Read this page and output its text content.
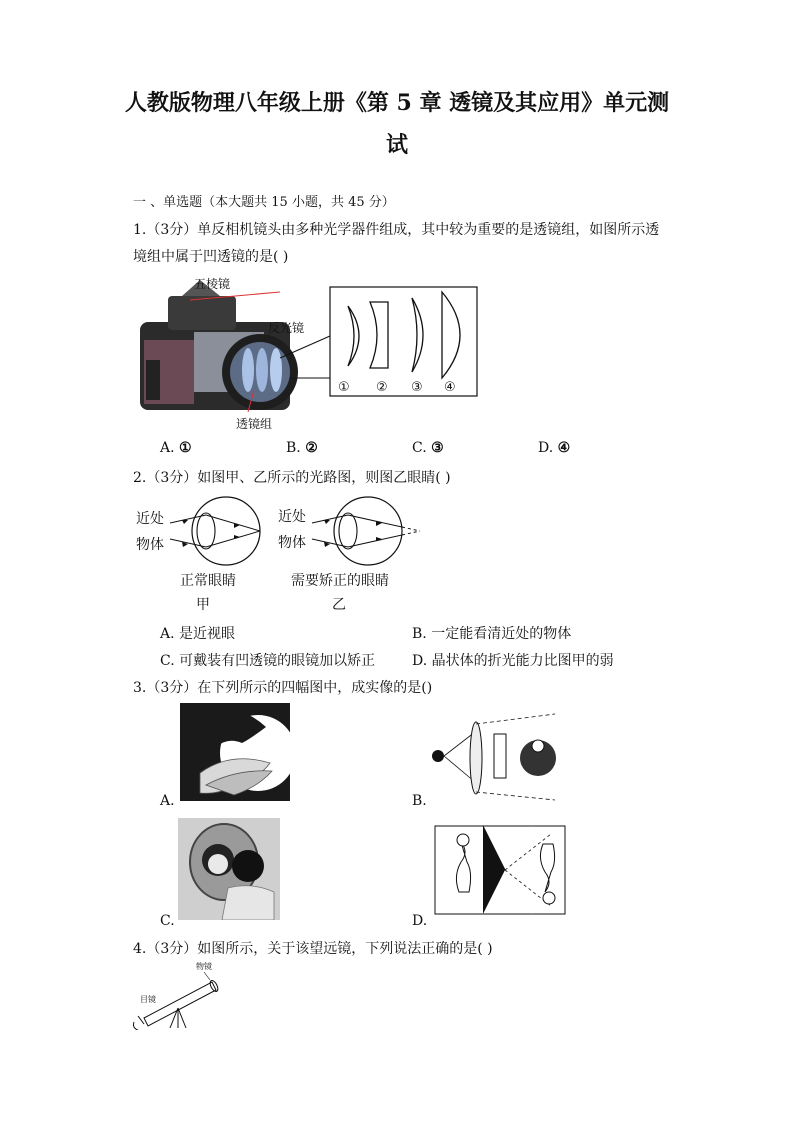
人教版物理八年级上册《第 5 章 透镜及其应用》单元测
试
一 、单选题（本大题共 15 小题，共 45 分）
1.（3分）单反相机镜头由多种光学器件组成，其中较为重要的是透镜组，如图所示透
境组中属于凹透镜的是( )
Nikon
五棱镜
反光镜
透镜组
① ② ③ ④
A. ①	B. ②	C. ③	D. ④
2.（3分）如图甲、乙所示的光路图，则图乙眼睛( )
近处
物体
正常眼睛
甲
近处
物体
需要矫正的眼睛
乙
A. 是近视眼	B. 一定能看清近处的物体
C. 可戴装有凹透镜的眼镜加以矫正	D. 晶状体的折光能力比图甲的弱
3.（3分）在下列所示的四幅图中，成实像的是()
A.	B.
C.	D.
4.（3分）如图所示，关于该望远镜，下列说法正确的是( )
物镜
目镜
